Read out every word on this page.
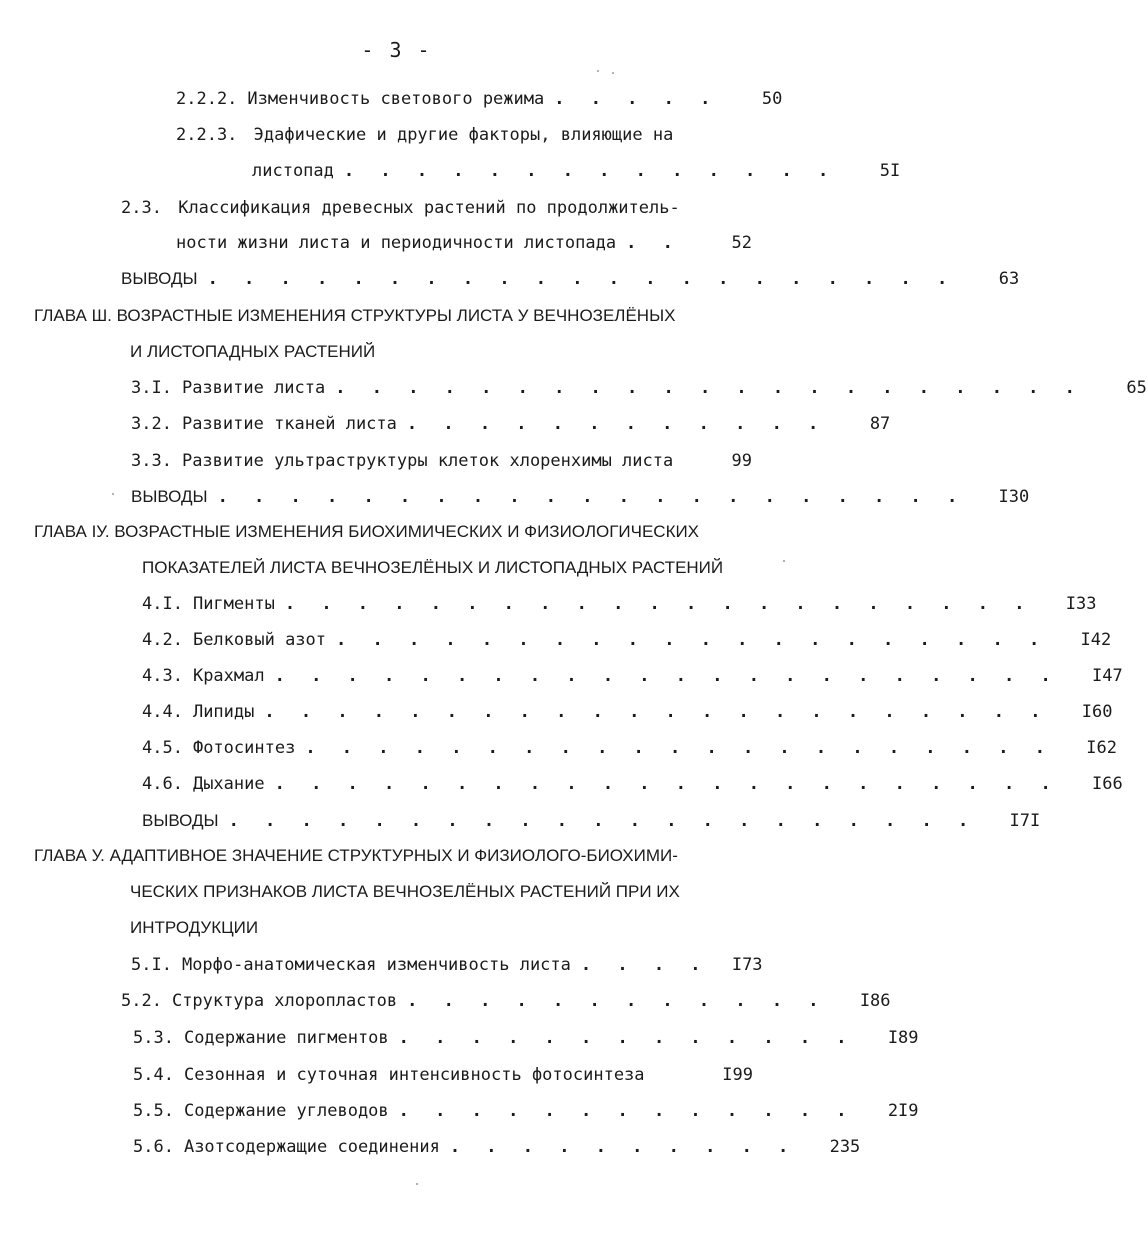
- 3 -
2.2.2. Изменчивость светового режима . . . . .	50
2.2.3. Эдафические и другие факторы, влияющие на
листопад . . . . . . . . . . . . . .	5I
2.3. Классификация древесных растений по продолжитель-
ности жизни листа и периодичности листопада . .	52
ВЫВОДЫ . . . . . . . . . . . . . . . . . . . . .	63
ГЛАВА Ш. ВОЗРАСТНЫЕ ИЗМЕНЕНИЯ СТРУКТУРЫ ЛИСТА У ВЕЧНОЗЕЛЁНЫХ
И ЛИСТОПАДНЫХ РАСТЕНИЙ
3.I. Развитие листа . . . . . . . . . . . . . . . . . . . . .	65
3.2. Развитие тканей листа . . . . . . . . . . . .	87
3.3. Развитие ультраструктуры клеток хлоренхимы листа	99
ВЫВОДЫ . . . . . . . . . . . . . . . . . . . . .	I30
ГЛАВА IУ. ВОЗРАСТНЫЕ ИЗМЕНЕНИЯ БИОХИМИЧЕСКИХ И ФИЗИОЛОГИЧЕСКИХ
ПОКАЗАТЕЛЕЙ ЛИСТА ВЕЧНОЗЕЛЁНЫХ И ЛИСТОПАДНЫХ РАСТЕНИЙ
4.I. Пигменты . . . . . . . . . . . . . . . . . . . . .	I33
4.2. Белковый азот . . . . . . . . . . . . . . . . . . . .	I42
4.3. Крахмал . . . . . . . . . . . . . . . . . . . . . .	I47
4.4. Липиды . . . . . . . . . . . . . . . . . . . . . .	I60
4.5. Фотосинтез . . . . . . . . . . . . . . . . . . . . .	I62
4.6. Дыхание . . . . . . . . . . . . . . . . . . . . . .	I66
ВЫВОДЫ . . . . . . . . . . . . . . . . . . . . .	I7I
ГЛАВА У. АДАПТИВНОЕ ЗНАЧЕНИЕ СТРУКТУРНЫХ И ФИЗИОЛОГО-БИОХИМИ-
ЧЕСКИХ ПРИЗНАКОВ ЛИСТА ВЕЧНОЗЕЛЁНЫХ РАСТЕНИЙ ПРИ ИХ
ИНТРОДУКЦИИ
5.I. Морфо-анатомическая изменчивость листа . . . .	I73
5.2. Структура хлоропластов . . . . . . . . . . . .	I86
5.3. Содержание пигментов . . . . . . . . . . . . .	I89
5.4. Сезонная и суточная интенсивность фотосинтеза	I99
5.5. Содержание углеводов . . . . . . . . . . . . .	2I9
5.6. Азотсодержащие соединения . . . . . . . . . .	235
